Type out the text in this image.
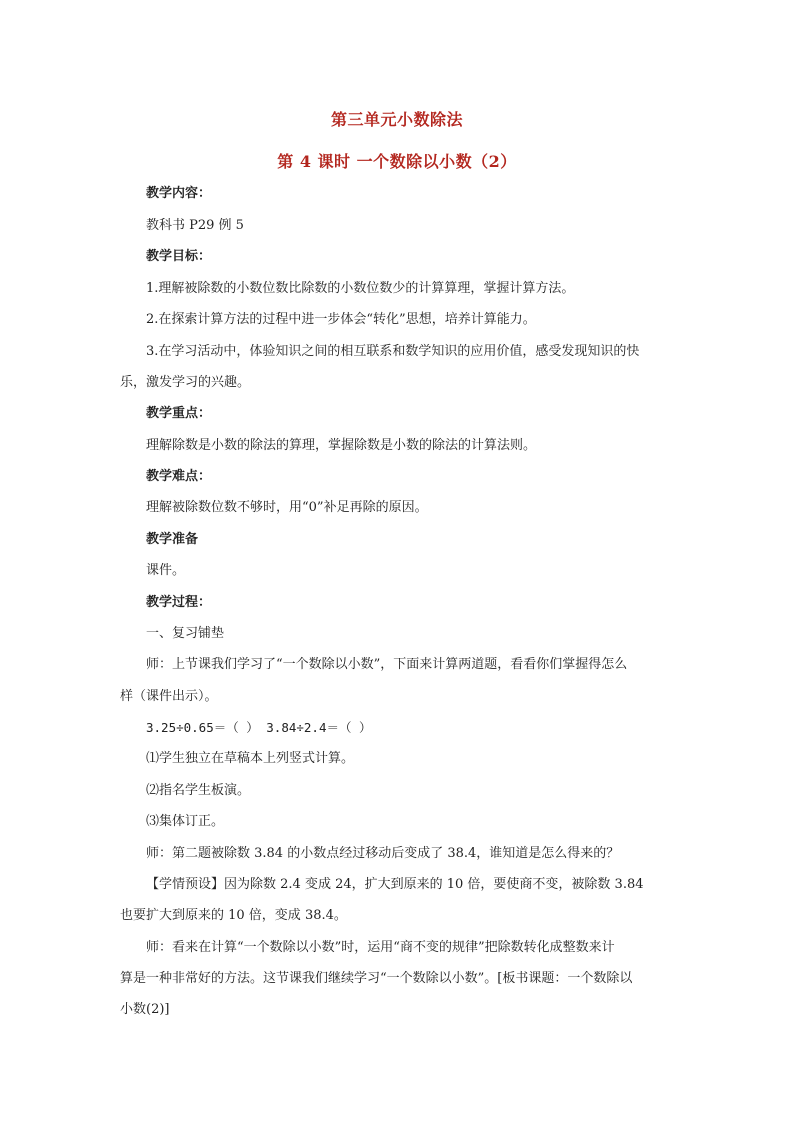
第三单元小数除法
第 4 课时 一个数除以小数（2）
教学内容：
教科书 P29 例 5
教学目标：
1.理解被除数的小数位数比除数的小数位数少的计算算理，掌握计算方法。
2.在探索计算方法的过程中进一步体会“转化”思想，培养计算能力。
3.在学习活动中，体验知识之间的相互联系和数学知识的应用价值，感受发现知识的快
乐，激发学习的兴趣。
教学重点：
理解除数是小数的除法的算理，掌握除数是小数的除法的计算法则。
教学难点：
理解被除数位数不够时，用“0”补足再除的原因。
教学准备
课件。
教学过程：
一、复习铺垫
师：上节课我们学习了“一个数除以小数”，下面来计算两道题，看看你们掌握得怎么
样（课件出示）。
3.25÷0.65＝（ ） 3.84÷2.4＝（ ）
⑴学生独立在草稿本上列竖式计算。
⑵指名学生板演。
⑶集体订正。
师：第二题被除数 3.84 的小数点经过移动后变成了 38.4，谁知道是怎么得来的？
【学情预设】因为除数 2.4 变成 24，扩大到原来的 10 倍，要使商不变，被除数 3.84
也要扩大到原来的 10 倍，变成 38.4。
师：看来在计算“一个数除以小数”时，运用“商不变的规律”把除数转化成整数来计
算是一种非常好的方法。这节课我们继续学习“一个数除以小数”。[板书课题：一个数除以
小数(2)]
